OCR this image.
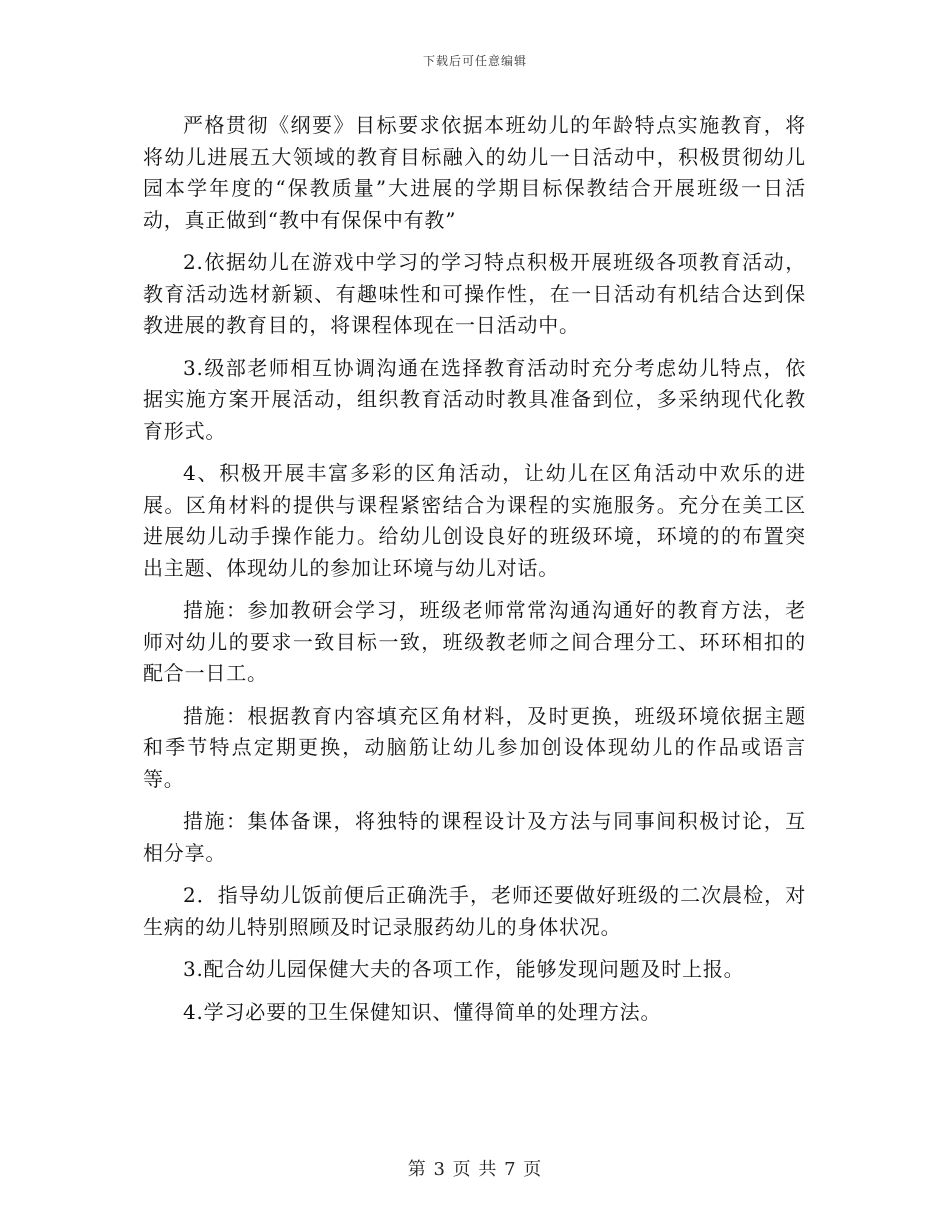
下载后可任意编辑

严格贯彻《纲要》目标要求依据本班幼儿的年龄特点实施教育，将将幼儿进展五大领域的教育目标融入的幼儿一日活动中，积极贯彻幼儿园本学年度的“保教质量”大进展的学期目标保教结合开展班级一日活动，真正做到“教中有保保中有教”

2.依据幼儿在游戏中学习的学习特点积极开展班级各项教育活动，教育活动选材新颖、有趣味性和可操作性，在一日活动有机结合达到保教进展的教育目的，将课程体现在一日活动中。

3.级部老师相互协调沟通在选择教育活动时充分考虑幼儿特点，依据实施方案开展活动，组织教育活动时教具准备到位，多采纳现代化教育形式。

4、积极开展丰富多彩的区角活动，让幼儿在区角活动中欢乐的进展。区角材料的提供与课程紧密结合为课程的实施服务。充分在美工区进展幼儿动手操作能力。给幼儿创设良好的班级环境，环境的的布置突出主题、体现幼儿的参加让环境与幼儿对话。

措施：参加教研会学习，班级老师常常沟通沟通好的教育方法，老师对幼儿的要求一致目标一致，班级教老师之间合理分工、环环相扣的配合一日工。

措施：根据教育内容填充区角材料，及时更换，班级环境依据主题和季节特点定期更换，动脑筋让幼儿参加创设体现幼儿的作品或语言等。

措施：集体备课，将独特的课程设计及方法与同事间积极讨论，互相分享。

2．指导幼儿饭前便后正确洗手，老师还要做好班级的二次晨检，对生病的幼儿特别照顾及时记录服药幼儿的身体状况。

3.配合幼儿园保健大夫的各项工作，能够发现问题及时上报。

4.学习必要的卫生保健知识、懂得简单的处理方法。

第 3 页 共 7 页
